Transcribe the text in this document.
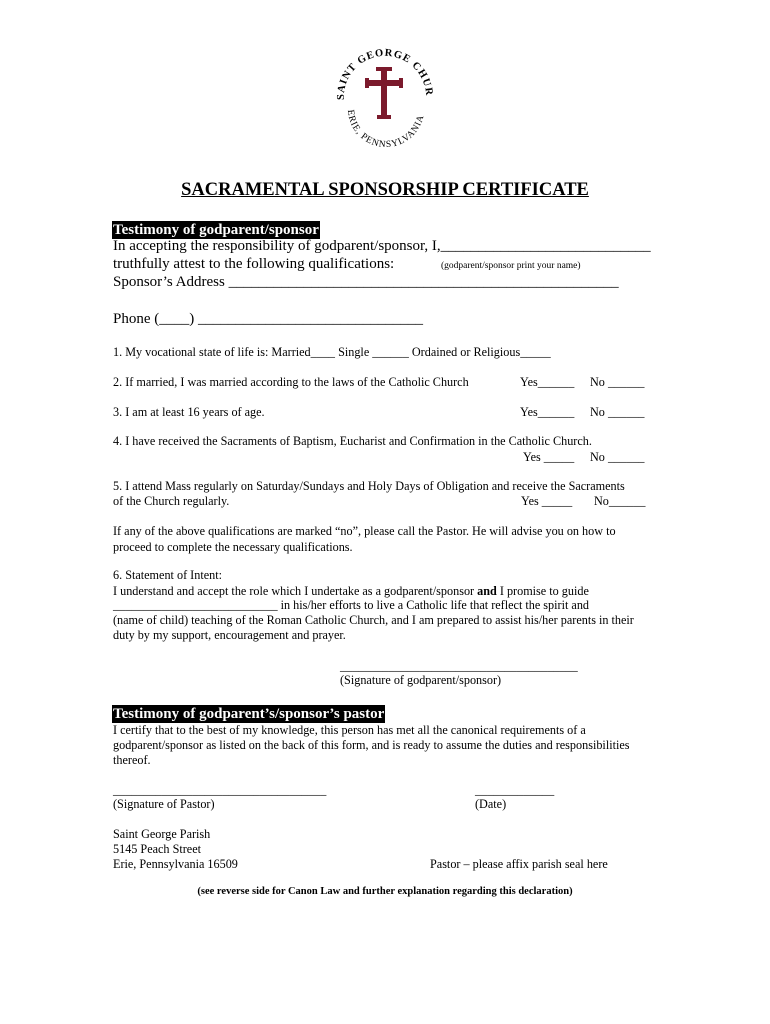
SAINT GEORGE CHUR
ERIE, PENNSYLVANIA
SACRAMENTAL SPONSORSHIP CERTIFICATE
Testimony of godparent/sponsor
In accepting the responsibility of godparent/sponsor, I,____________________________
truthfully attest to the following qualifications:	(godparent/sponsor print your name)
Sponsor’s Address ____________________________________________________
Phone (____) ______________________________
1. My vocational state of life is: Married____ Single ______ Ordained or Religious_____
2. If married, I was married according to the laws of the Catholic Church	Yes______ No ______
3. I am at least 16 years of age.	Yes______ No ______
4. I have received the Sacraments of Baptism, Eucharist and Confirmation in the Catholic Church.
Yes _____ No ______
5. I attend Mass regularly on Saturday/Sundays and Holy Days of Obligation and receive the Sacraments
of the Church regularly.	Yes _____ No______
If any of the above qualifications are marked “no”, please call the Pastor. He will advise you on how to
proceed to complete the necessary qualifications.
6. Statement of Intent:
I understand and accept the role which I undertake as a godparent/sponsor and I promise to guide
___________________________ in his/her efforts to live a Catholic life that reflect the spirit and
(name of child) teaching of the Roman Catholic Church, and I am prepared to assist his/her parents in their
duty by my support, encouragement and prayer.
_______________________________________
(Signature of godparent/sponsor)
Testimony of godparent’s/sponsor’s pastor
I certify that to the best of my knowledge, this person has met all the canonical requirements of a
godparent/sponsor as listed on the back of this form, and is ready to assume the duties and responsibilities
thereof.
___________________________________
(Signature of Pastor)
_____________
(Date)
Saint George Parish
5145 Peach Street
Erie, Pennsylvania 16509	Pastor – please affix parish seal here
(see reverse side for Canon Law and further explanation regarding this declaration)
